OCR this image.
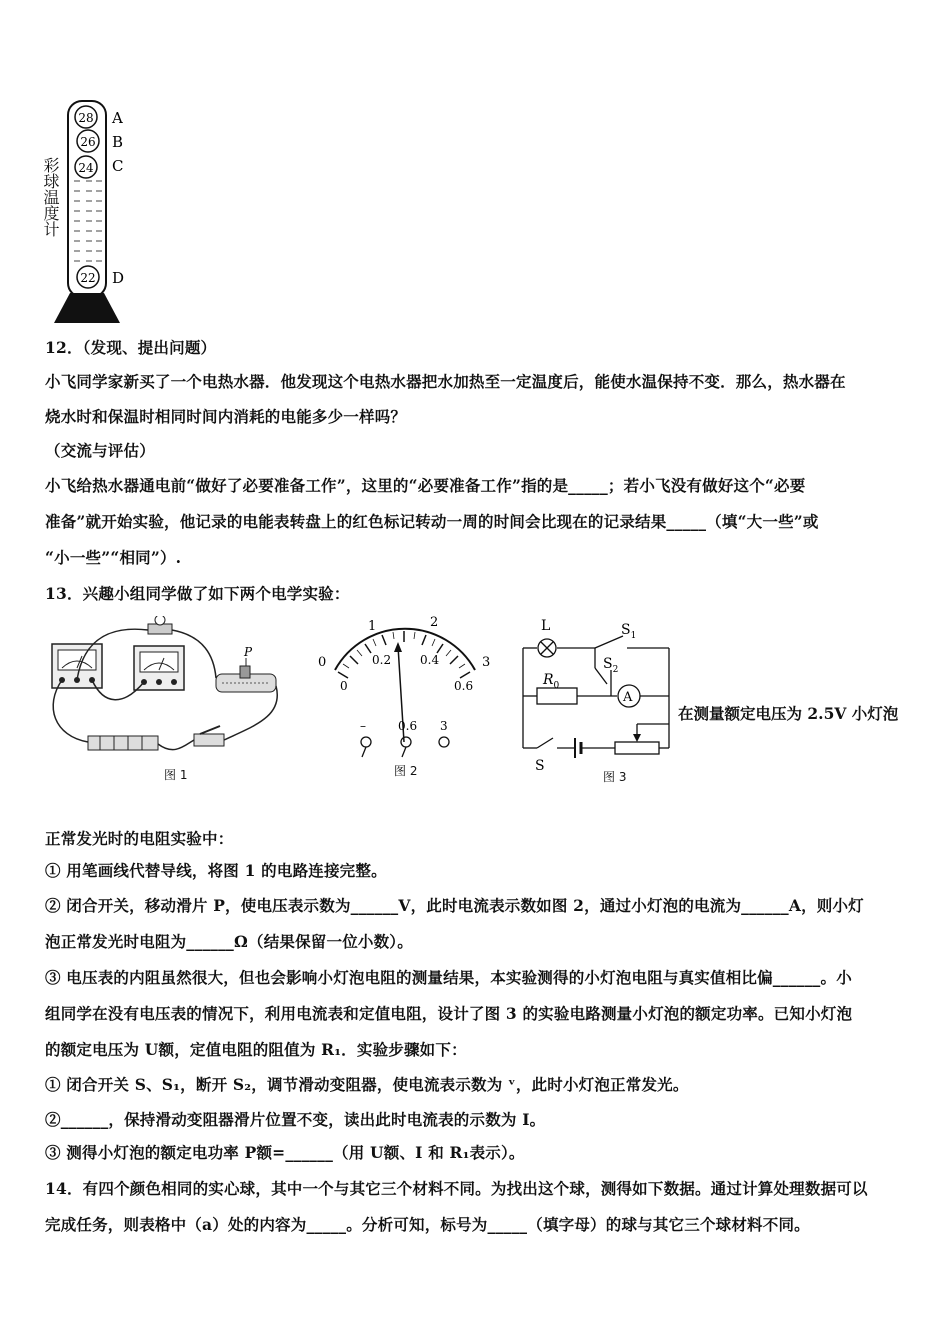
28
26
24
22
A
B
C
D
彩球温度计
12．（发现、提出问题）
小飞同学家新买了一个电热水器．他发现这个电热水器把水加热至一定温度后，能使水温保持不变．那么，热水器在
烧水时和保温时相同时间内消耗的电能多少一样吗？
（交流与评估）
小飞给热水器通电前“做好了必要准备工作”，这里的“必要准备工作”指的是_____；若小飞没有做好这个“必要
准备”就开始实验，他记录的电能表转盘上的红色标记转动一周的时间会比现在的记录结果_____（填“大一些”或
“小一些”“相同”）.
13．兴趣小组同学做了如下两个电学实验：
P
图 1
0
1	2
3
0
0.2 0.4
0.6
–	0.6 3
图 2
L	$S_1$
$S_2$
$R_0$
A
S
图 3
在测量额定电压为 2.5V 小灯泡
正常发光时的电阻实验中：
① 用笔画线代替导线，将图 1 的电路连接完整。
② 闭合开关，移动滑片 P，使电压表示数为______V，此时电流表示数如图 2，通过小灯泡的电流为______A，则小灯
泡正常发光时电阻为______Ω（结果保留一位小数）。
③ 电压表的内阻虽然很大，但也会影响小灯泡电阻的测量结果，本实验测得的小灯泡电阻与真实值相比偏______。小
组同学在没有电压表的情况下，利用电流表和定值电阻，设计了图 3 的实验电路测量小灯泡的额定功率。已知小灯泡
的额定电压为 U额，定值电阻的阻值为 R₁．实验步骤如下：
① 闭合开关 S、S₁，断开 S₂，调节滑动变阻器，使电流表示数为 ᵛ，此时小灯泡正常发光。
②______，保持滑动变阻器滑片位置不变，读出此时电流表的示数为 I。
③ 测得小灯泡的额定电功率 P额=______（用 U额、I 和 R₁表示）。
14．有四个颜色相同的实心球，其中一个与其它三个材料不同。为找出这个球，测得如下数据。通过计算处理数据可以
完成任务，则表格中（a）处的内容为_____。分析可知，标号为_____（填字母）的球与其它三个球材料不同。
